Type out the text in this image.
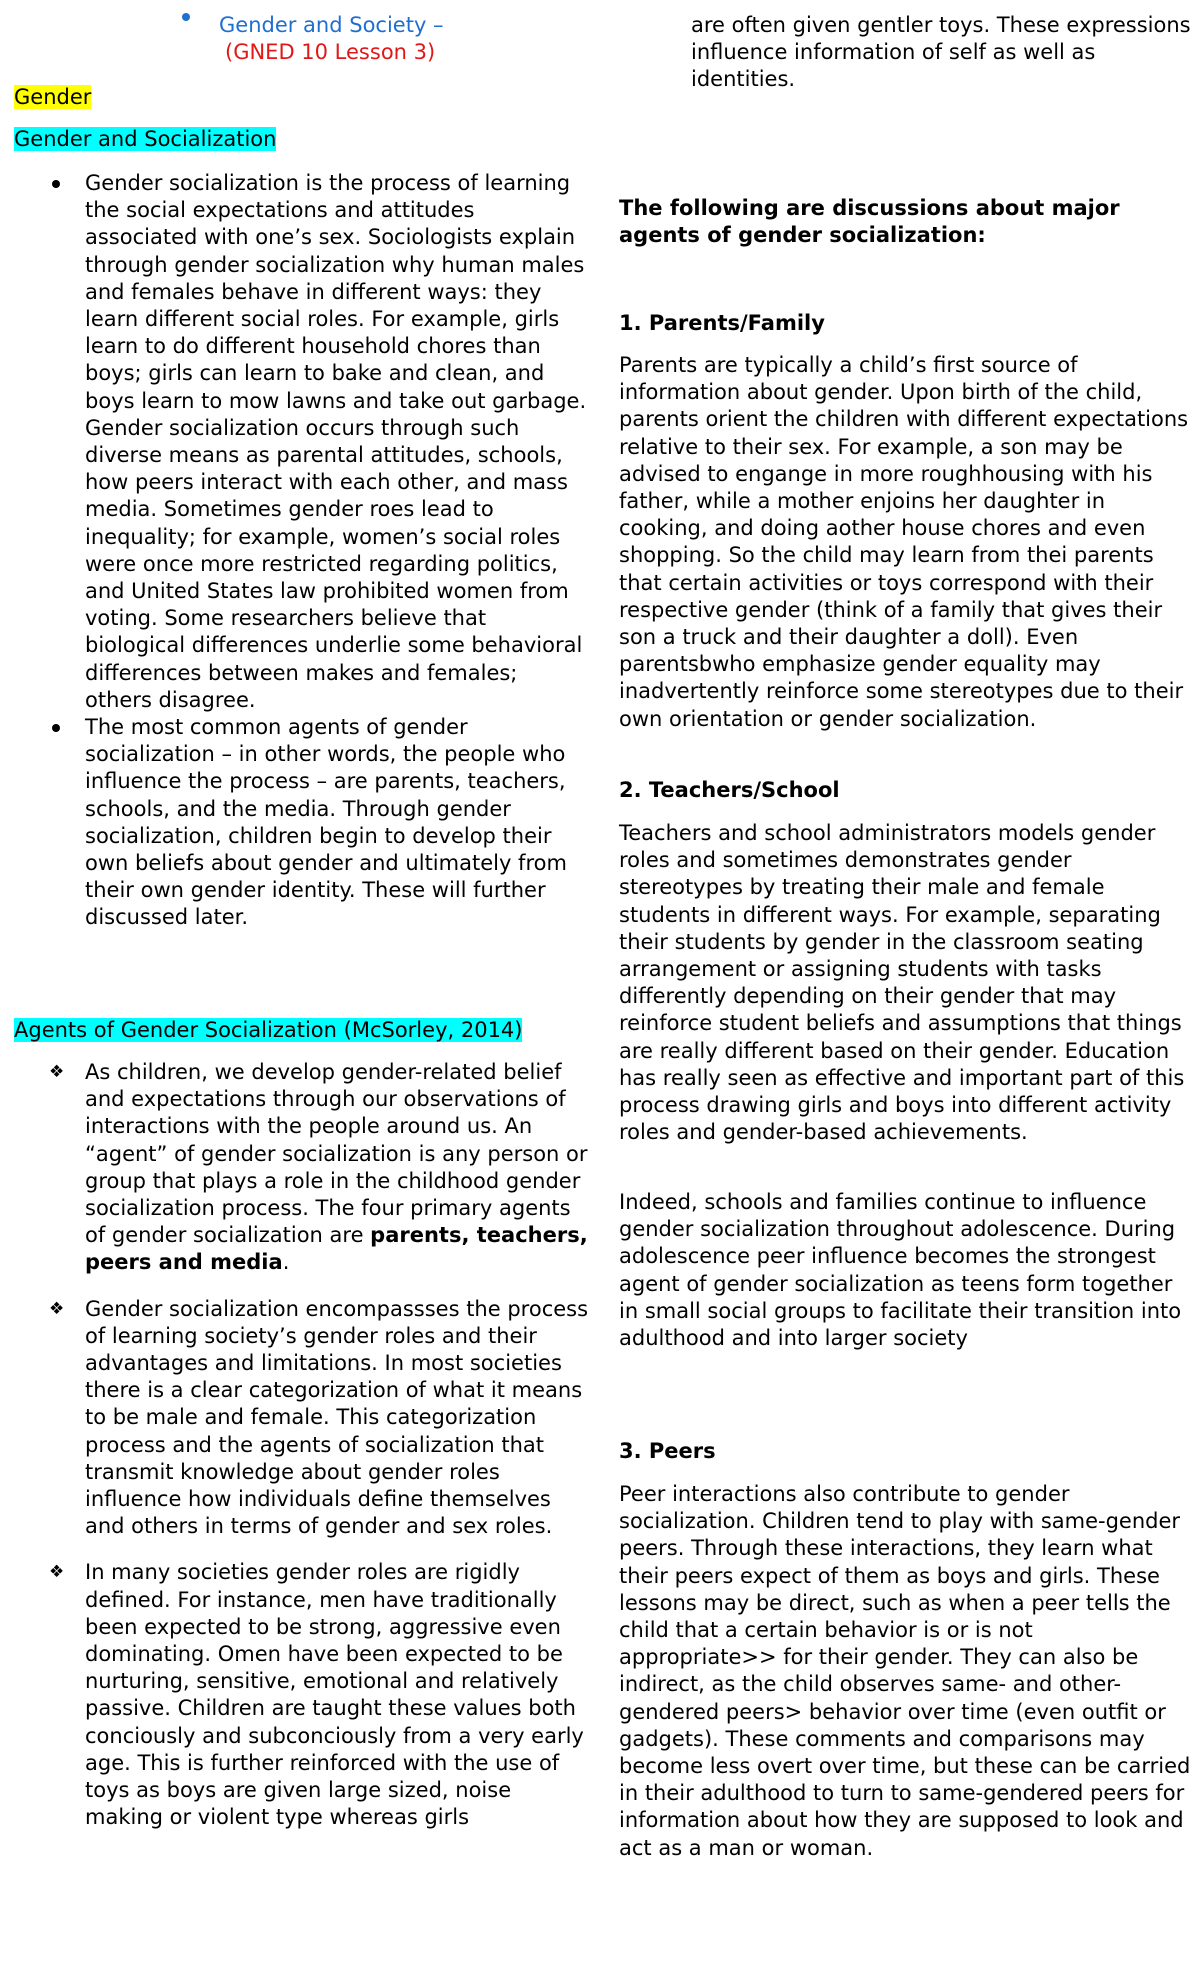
Gender and Society –
(GNED 10 Lesson 3)
Gender
Gender and Socialization
Gender socialization is the process of learning the social expectations and attitudes associated with one’s sex. Sociologists explain through gender socialization why human males and females behave in different ways: they learn different social roles. For example, girls learn to do different household chores than boys; girls can learn to bake and clean, and boys learn to mow lawns and take out garbage. Gender socialization occurs through such diverse means as parental attitudes, schools, how peers interact with each other, and mass media. Sometimes gender roes lead to inequality; for example, women’s social roles were once more restricted regarding politics, and United States law prohibited women from voting. Some researchers believe that biological differences underlie some behavioral differences between makes and females; others disagree.
The most common agents of gender socialization – in other words, the people who influence the process – are parents, teachers, schools, and the media. Through gender socialization, children begin to develop their own beliefs about gender and ultimately from their own gender identity. These will further discussed later.
Agents of Gender Socialization (McSorley, 2014)
❖ As children, we develop gender-related belief and expectations through our observations of interactions with the people around us. An “agent” of gender socialization is any person or group that plays a role in the childhood gender socialization process. The four primary agents of gender socialization are parents, teachers, peers and media.
❖ Gender socialization encompassses the process of learning society’s gender roles and their advantages and limitations. In most societies there is a clear categorization of what it means to be male and female. This categorization process and the agents of socialization that transmit knowledge about gender roles influence how individuals define themselves and others in terms of gender and sex roles.
❖ In many societies gender roles are rigidly defined. For instance, men have traditionally been expected to be strong, aggressive even dominating. Omen have been expected to be nurturing, sensitive, emotional and relatively passive. Children are taught these values both conciously and subconciously from a very early age. This is further reinforced with the use of toys as boys are given large sized, noise making or violent type whereas girls
are often given gentler toys. These expressions influence information of self as well as identities.
The following are discussions about major agents of gender socialization:
1. Parents/Family
Parents are typically a child’s first source of information about gender. Upon birth of the child, parents orient the children with different expectations relative to their sex. For example, a son may be advised to engange in more roughhousing with his father, while a mother enjoins her daughter in cooking, and doing aother house chores and even shopping. So the child may learn from thei parents that certain activities or toys correspond with their respective gender (think of a family that gives their son a truck and their daughter a doll). Even parentsbwho emphasize gender equality may inadvertently reinforce some stereotypes due to their own orientation or gender socialization.
2. Teachers/School
Teachers and school administrators models gender roles and sometimes demonstrates gender stereotypes by treating their male and female students in different ways. For example, separating their students by gender in the classroom seating arrangement or assigning students with tasks differently depending on their gender that may reinforce student beliefs and assumptions that things are really different based on their gender. Education has really seen as effective and important part of this process drawing girls and boys into different activity roles and gender-based achievements.
Indeed, schools and families continue to influence gender socialization throughout adolescence. During adolescence peer influence becomes the strongest agent of gender socialization as teens form together in small social groups to facilitate their transition into adulthood and into larger society
3. Peers
Peer interactions also contribute to gender socialization. Children tend to play with same-gender peers. Through these interactions, they learn what their peers expect of them as boys and girls. These lessons may be direct, such as when a peer tells the child that a certain behavior is or is not appropriate>> for their gender. They can also be indirect, as the child observes same- and other-gendered peers> behavior over time (even outfit or gadgets). These comments and comparisons may become less overt over time, but these can be carried in their adulthood to turn to same-gendered peers for information about how they are supposed to look and act as a man or woman.
